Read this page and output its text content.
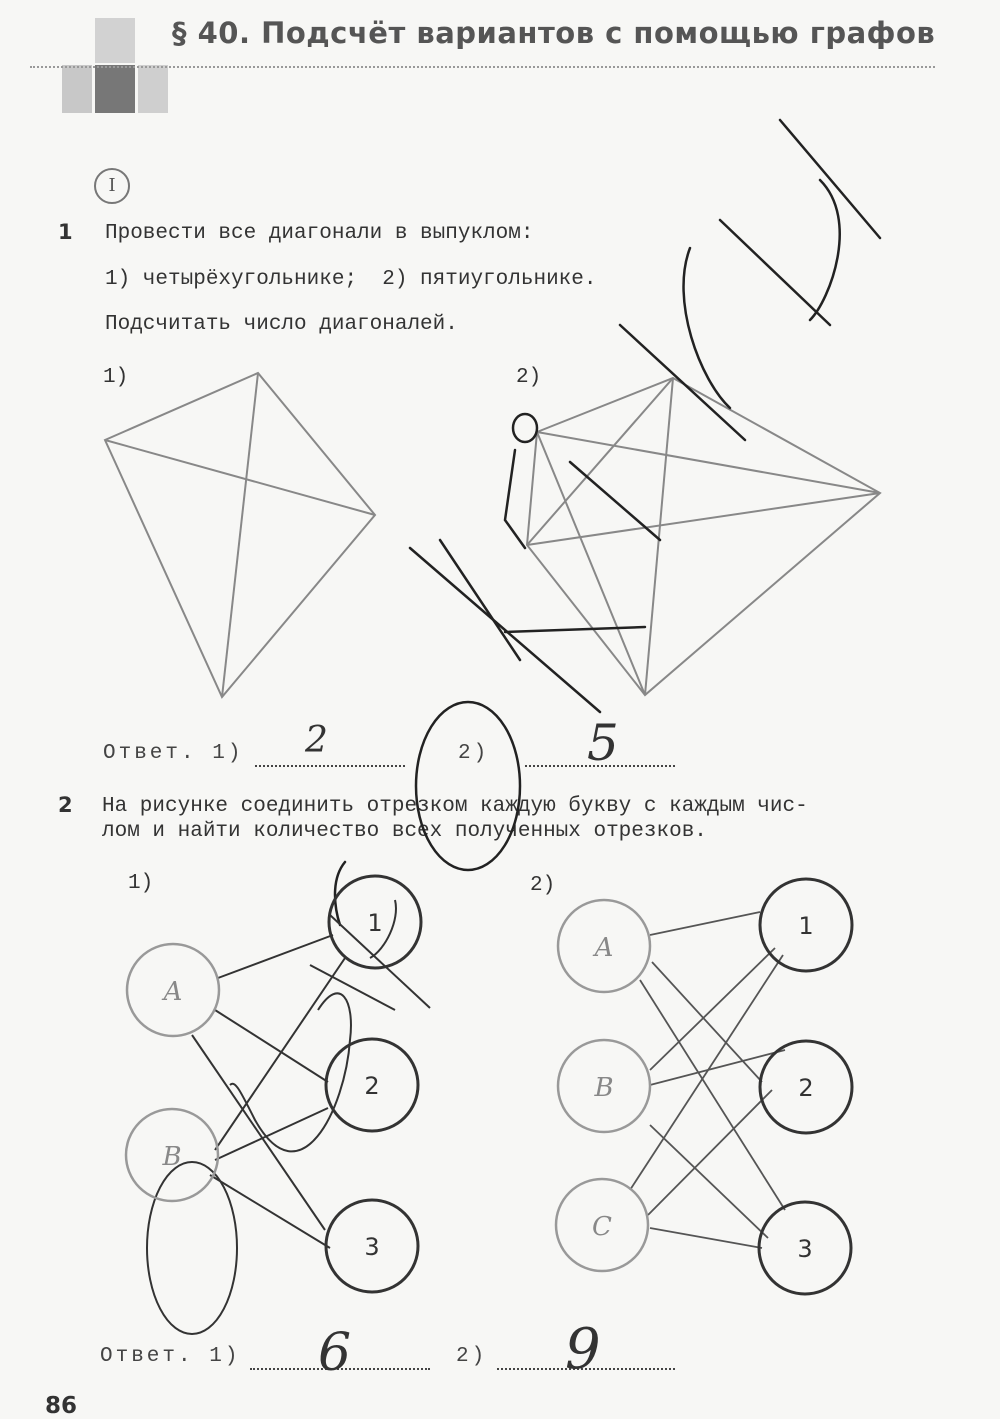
§ 40. Подсчёт вариантов с помощью графов
I
1 Провести все диагонали в выпуклом:
1) четырёхугольнике;  2) пятиугольнике.
Подсчитать число диагоналей.
1)	2)
Ответ. 1)	2)
2 На рисунке соединить отрезком каждую букву с каждым чис-
лом и найти количество всех полученных отрезков.
1)	2)
Ответ. 1)	2)
86
2	5
6	9
A
B
1
2
3
A
B
C
1
2
3
